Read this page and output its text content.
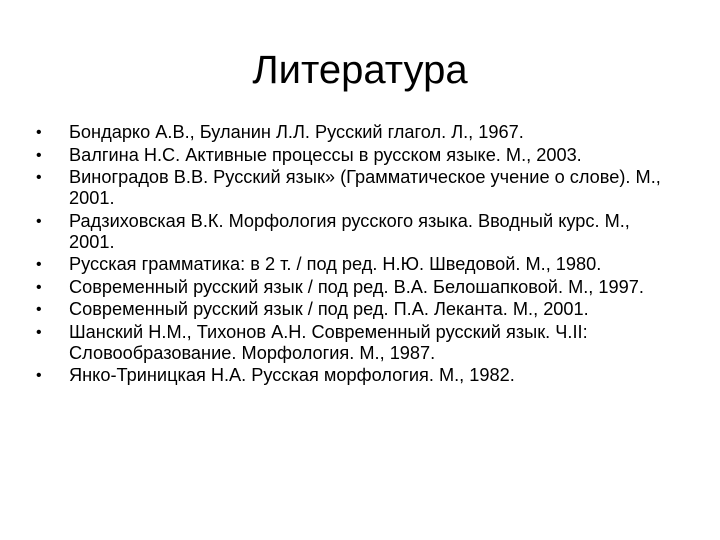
Литература
•	Бондарко А.В., Буланин Л.Л. Русский глагол. Л., 1967.
•	Валгина Н.С. Активные процессы в русском языке. М., 2003.
•	Виноградов В.В. Русский язык» (Грамматическое учение о слове). М., 2001.
•	Радзиховская В.К. Морфология русского языка. Вводный курс. М., 2001.
•	Русская грамматика: в 2 т. / под ред. Н.Ю. Шведовой. М., 1980.
•	Современный русский язык / под ред. В.А. Белошапковой. М., 1997.
•	Современный русский язык / под ред. П.А. Леканта. М., 2001.
•	Шанский Н.М., Тихонов А.Н. Современный русский язык. Ч.II: Словообразование. Морфология. М., 1987.
•	Янко-Триницкая Н.А. Русская морфология. М., 1982.
